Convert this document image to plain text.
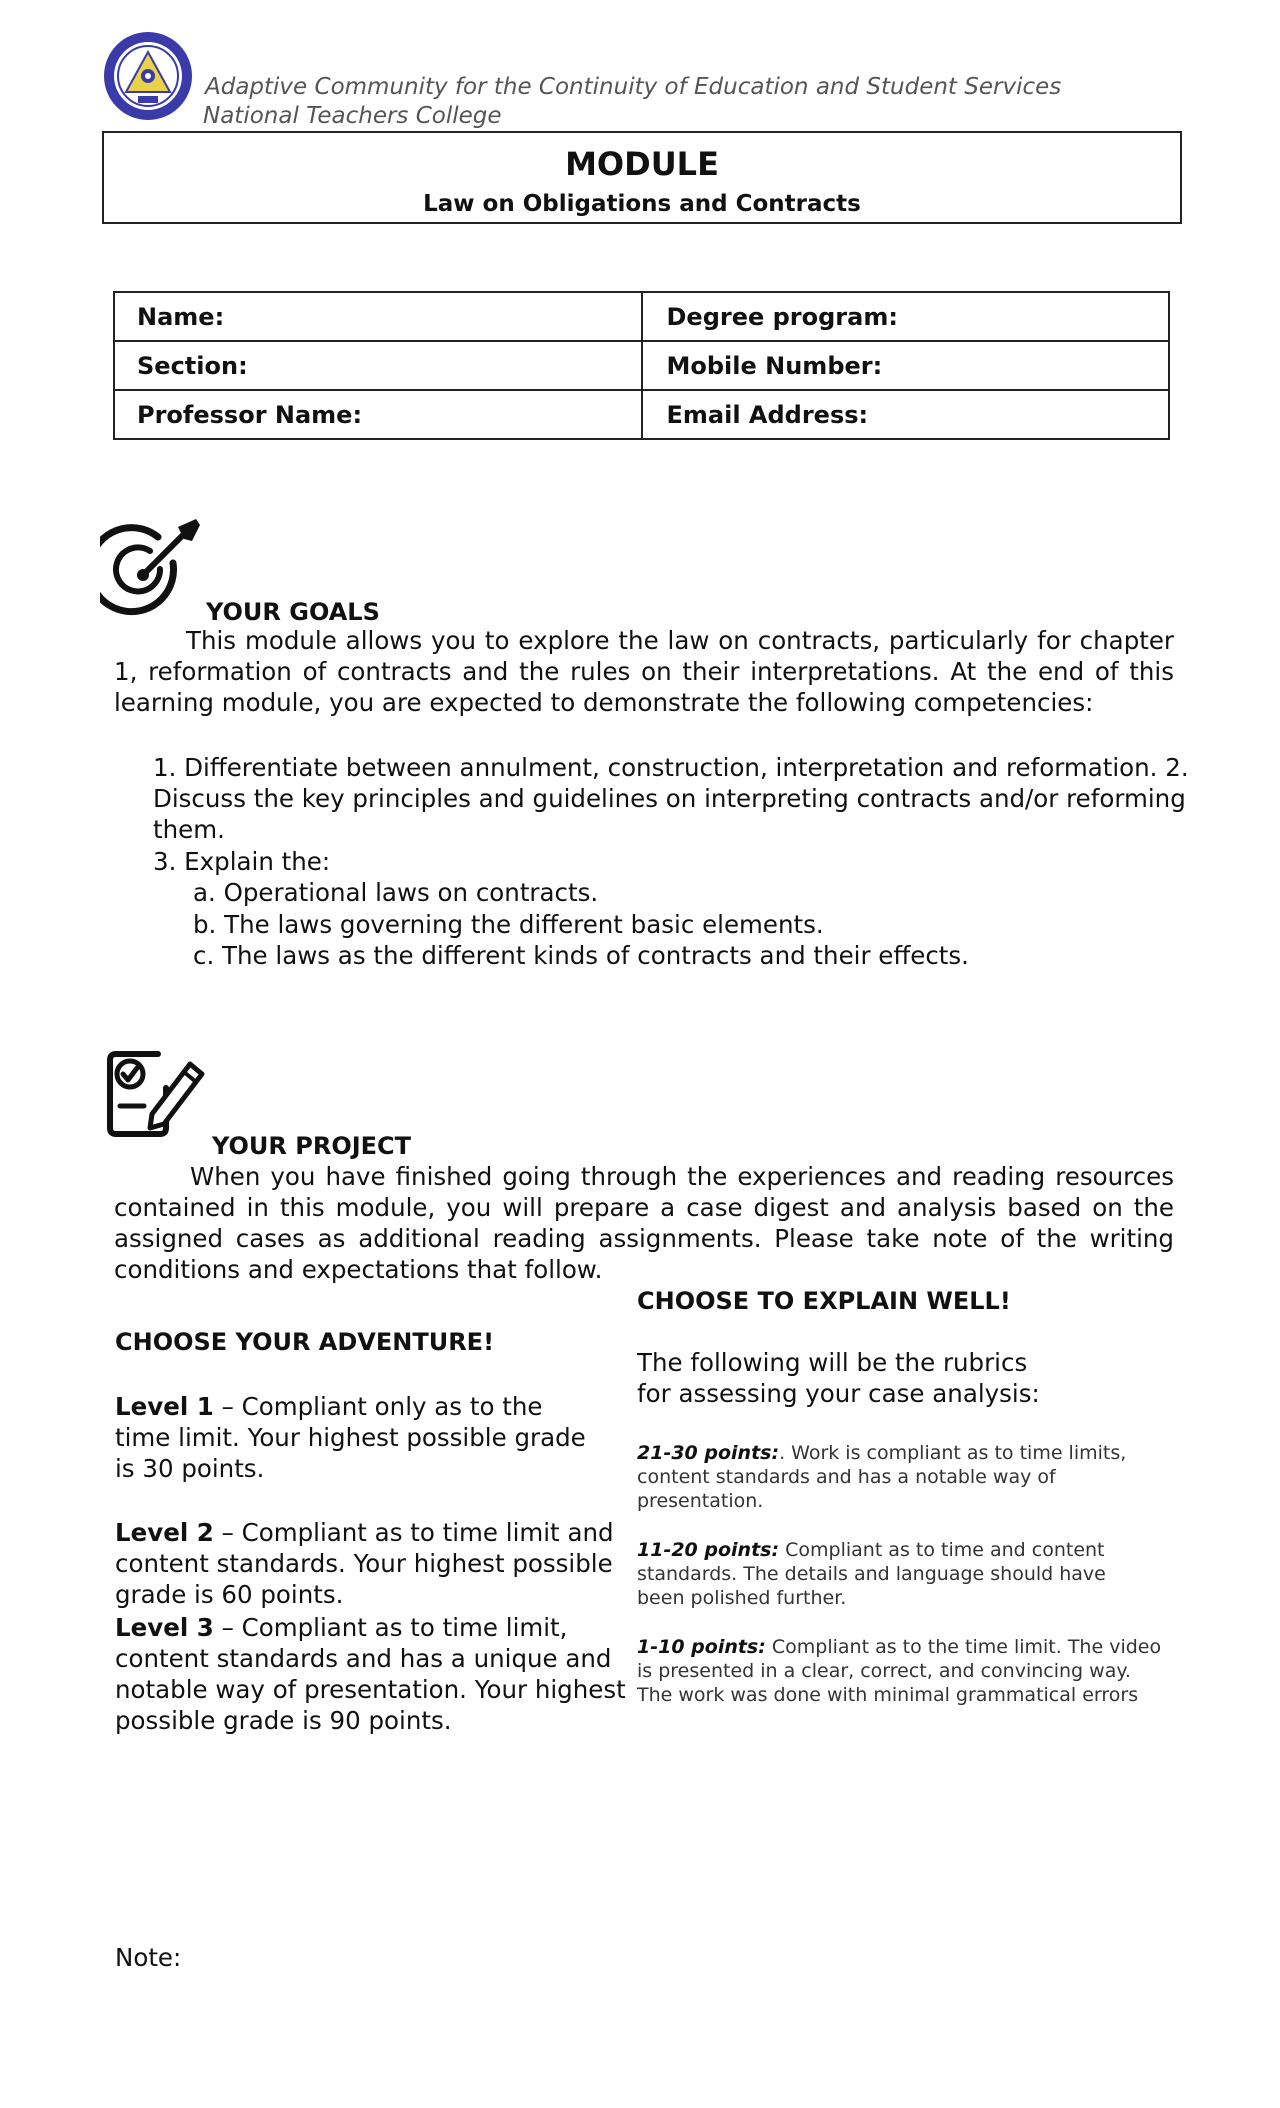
Adaptive Community for the Continuity of Education and Student Services
National Teachers College
MODULE
Law on Obligations and Contracts
Name:	Degree program:
Section:	Mobile Number:
Professor Name:	Email Address:
YOUR GOALS
This module allows you to explore the law on contracts, particularly for chapter 1, reformation of contracts and the rules on their interpretations. At the end of this learning module, you are expected to demonstrate the following competencies:
1. Differentiate between annulment, construction, interpretation and reformation. 2.
Discuss the key principles and guidelines on interpreting contracts and/or reforming
them.
3. Explain the:
a. Operational laws on contracts.
b. The laws governing the different basic elements.
c. The laws as the different kinds of contracts and their effects.
YOUR PROJECT
When you have finished going through the experiences and reading resources contained in this module, you will prepare a case digest and analysis based on the assigned cases as additional reading assignments. Please take note of the writing conditions and expectations that follow.
CHOOSE YOUR ADVENTURE!
Level 1 – Compliant only as to the time limit. Your highest possible grade is 30 points.
Level 2 – Compliant as to time limit and content standards. Your highest possible grade is 60 points.
Level 3 – Compliant as to time limit, content standards and has a unique and notable way of presentation. Your highest possible grade is 90 points.
CHOOSE TO EXPLAIN WELL!
The following will be the rubrics for assessing your case analysis:
21-30 points:. Work is compliant as to time limits, content standards and has a notable way of presentation.
11-20 points: Compliant as to time and content standards. The details and language should have been polished further.
1-10 points: Compliant as to the time limit. The video is presented in a clear, correct, and convincing way. The work was done with minimal grammatical errors
Note:
